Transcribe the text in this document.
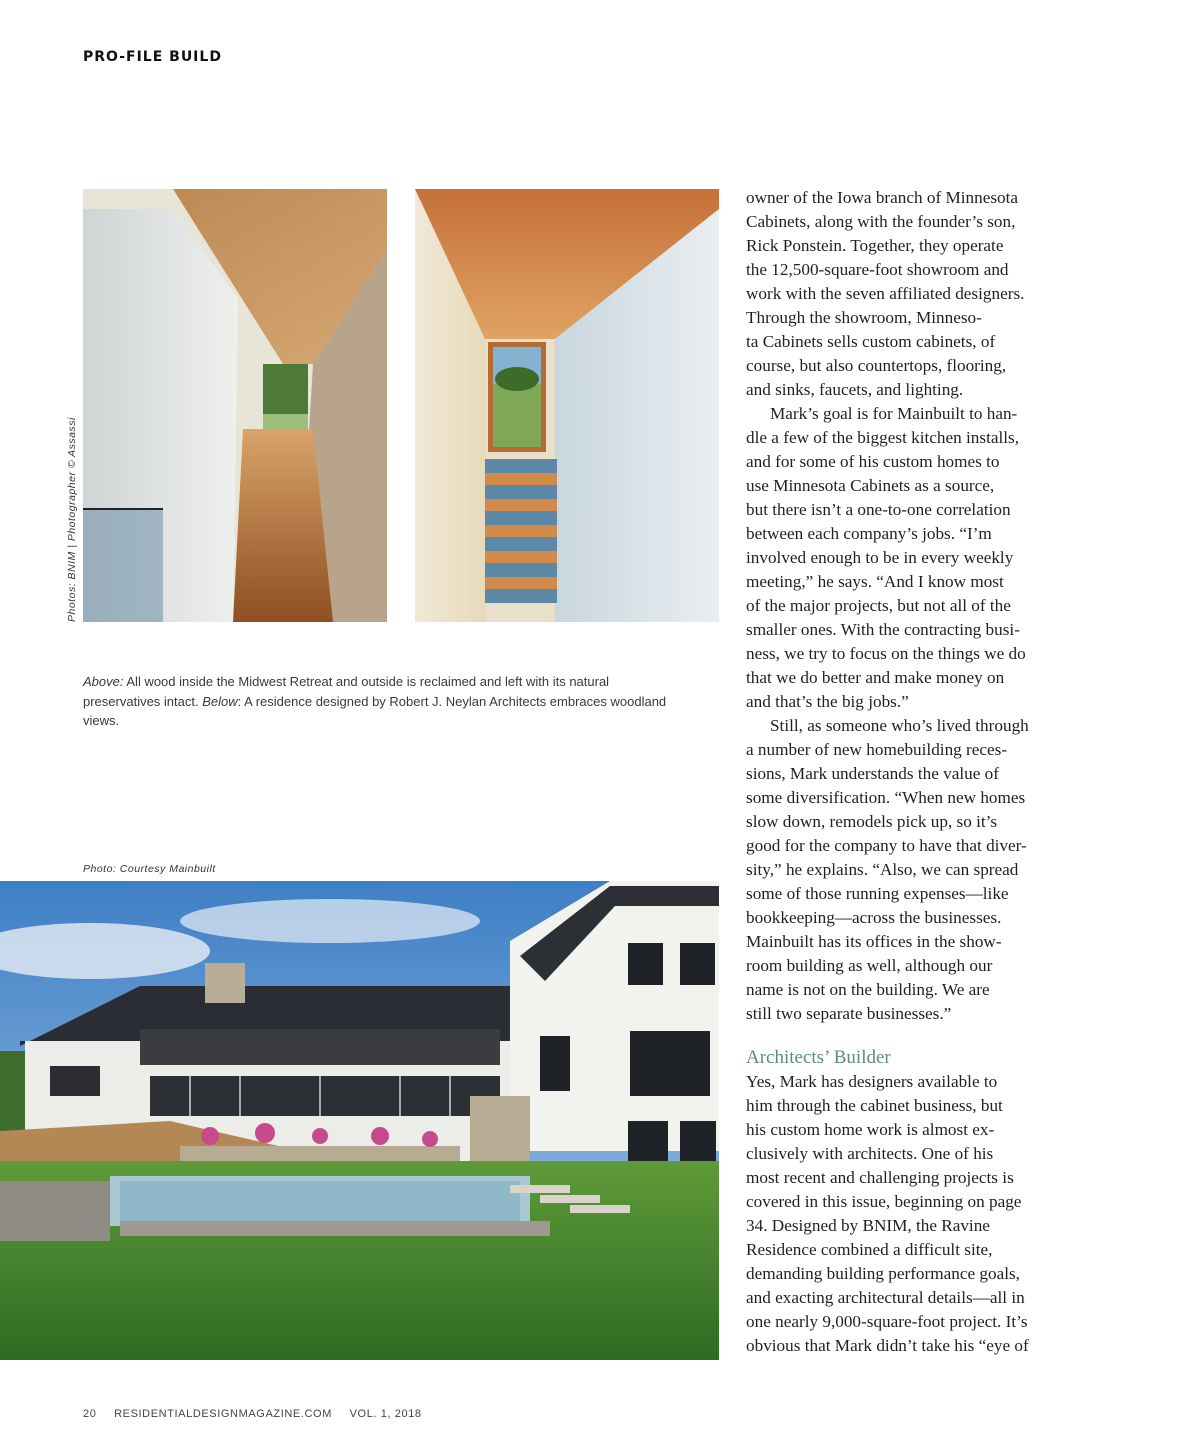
PRO-FILE BUILD
Photos: BNIM | Photographer © Assassi
Above: All wood inside the Midwest Retreat and outside is reclaimed and left with its natural preservatives intact. Below: A residence designed by Robert J. Neylan Architects embraces woodland views.
Photo: Courtesy Mainbuilt

owner of the Iowa branch of Minnesota
Cabinets, along with the founder’s son,
Rick Ponstein. Together, they operate
the 12,500-square-foot showroom and
work with the seven affiliated designers.
Through the showroom, Minneso-
ta Cabinets sells custom cabinets, of
course, but also countertops, flooring,
and sinks, faucets, and lighting.

Mark’s goal is for Mainbuilt to han-
dle a few of the biggest kitchen installs,
and for some of his custom homes to
use Minnesota Cabinets as a source,
but there isn’t a one-to-one correlation
between each company’s jobs. “I’m
involved enough to be in every weekly
meeting,” he says. “And I know most
of the major projects, but not all of the
smaller ones. With the contracting busi-
ness, we try to focus on the things we do
that we do better and make money on
and that’s the big jobs.”

Still, as someone who’s lived through
a number of new homebuilding reces-
sions, Mark understands the value of
some diversification. “When new homes
slow down, remodels pick up, so it’s
good for the company to have that diver-
sity,” he explains. “Also, we can spread
some of those running expenses—like
bookkeeping—across the businesses.
Mainbuilt has its offices in the show-
room building as well, although our
name is not on the building. We are
still two separate businesses.”

Architects’ Builder

Yes, Mark has designers available to
him through the cabinet business, but
his custom home work is almost ex-
clusively with architects. One of his
most recent and challenging projects is
covered in this issue, beginning on page
34. Designed by BNIM, the Ravine
Residence combined a difficult site,
demanding building performance goals,
and exacting architectural details—all in
one nearly 9,000-square-foot project. It’s
obvious that Mark didn’t take his “eye of

20 RESIDENTIALDESIGNMAGAZINE.COM VOL. 1, 2018
